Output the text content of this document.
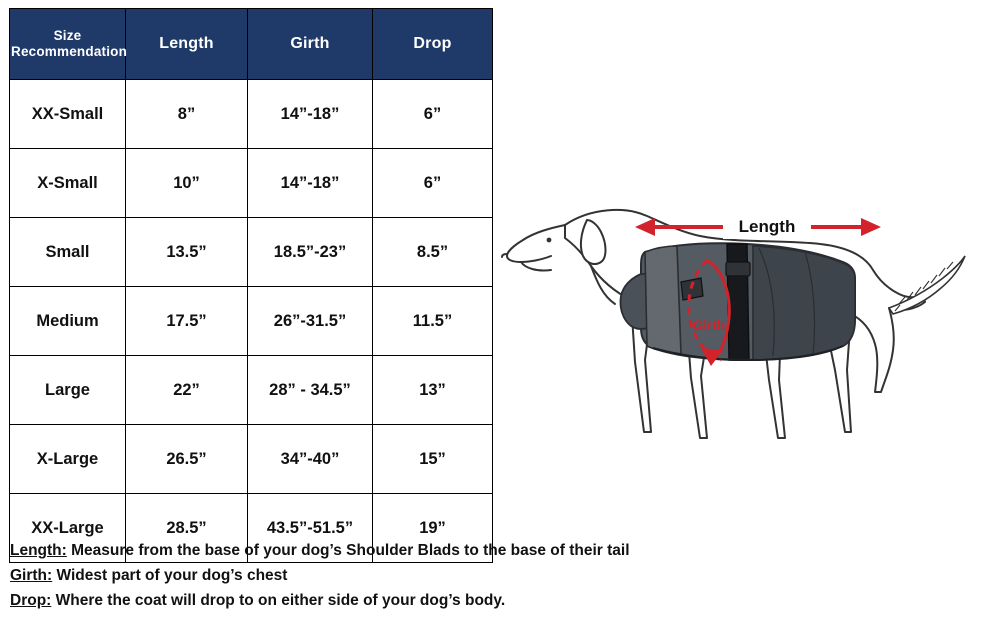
Size
Recommendation	Length	Girth	Drop
XX-Small	8”	14”-18”	6”
X-Small	10”	14”-18”	6”
Small	13.5”	18.5”-23”	8.5”
Medium	17.5”	26”-31.5”	11.5”
Large	22”	28” - 34.5”	13”
X-Large	26.5”	34”-40”	15”
XX-Large	28.5”	43.5”-51.5”	19”
Length: Measure from the base of your dog’s Shoulder Blads to the base of their tail
Girth: Widest part of your dog’s chest
Drop: Where the coat will drop to on either side of your dog’s body.
Length
Girth
